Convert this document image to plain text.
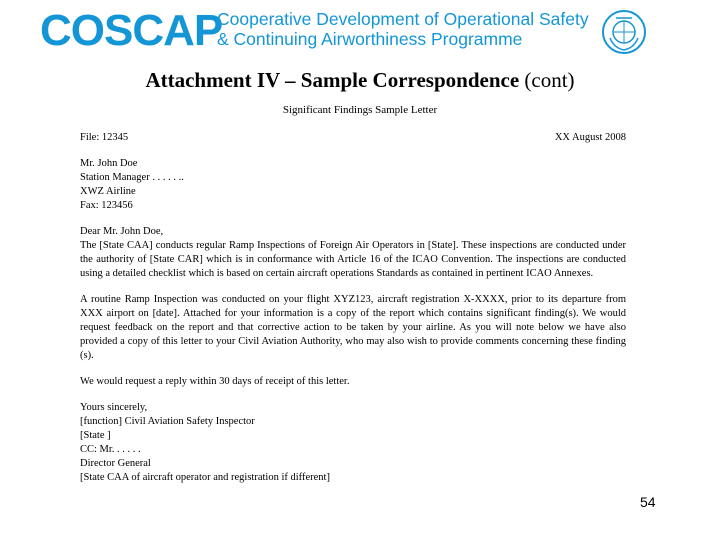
COSCAP
Cooperative Development of Operational Safety
& Continuing Airworthiness Programme
Attachment IV – Sample Correspondence (cont)
Significant Findings Sample Letter
File: 12345	XX August 2008
Mr. John Doe
Station Manager . . . . . ..
XWZ Airline
Fax: 123456
Dear Mr. John Doe,
The [State CAA] conducts regular Ramp Inspections of Foreign Air Operators in [State]. These inspections are conducted under the authority of [State CAR] which is in conformance with Article 16 of the ICAO Convention. The inspections are conducted using a detailed checklist which is based on certain aircraft operations Standards as contained in pertinent ICAO Annexes.
A routine Ramp Inspection was conducted on your flight XYZ123, aircraft registration X-XXXX, prior to its departure from XXX airport on [date]. Attached for your information is a copy of the report which contains significant finding(s). We would request feedback on the report and that corrective action to be taken by your airline. As you will note below we have also provided a copy of this letter to your Civil Aviation Authority, who may also wish to provide comments concerning these finding (s).
We would request a reply within 30 days of receipt of this letter.
Yours sincerely,
[function] Civil Aviation Safety Inspector
[State ]
CC: Mr. . . . . .
Director General
[State CAA of aircraft operator and registration if different]
54
